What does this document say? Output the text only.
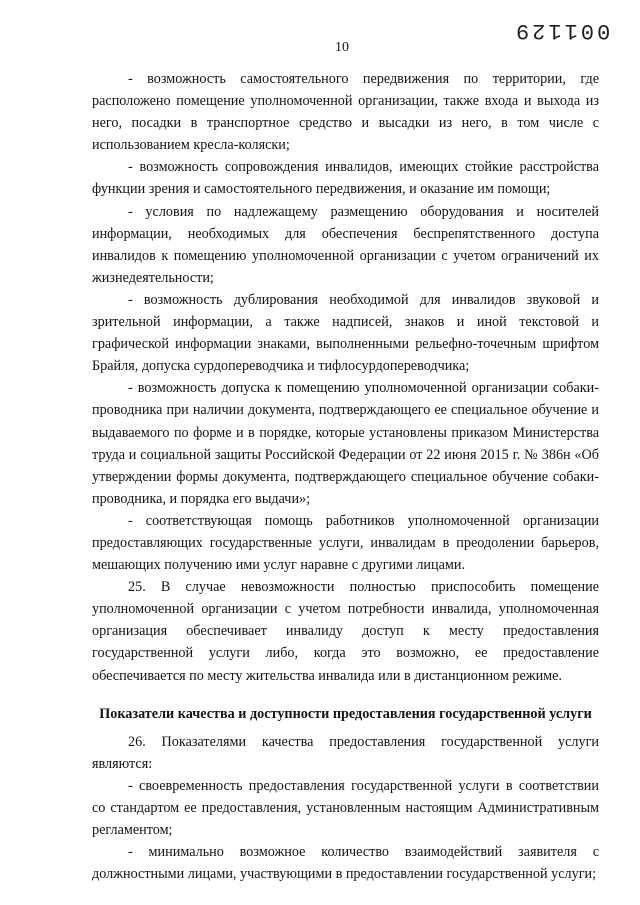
10
001129

- возможность самостоятельного передвижения по территории, где расположено помещение уполномоченной организации, также входа и выхода из него, посадки в транспортное средство и высадки из него, в том числе с использованием кресла-коляски;

- возможность сопровождения инвалидов, имеющих стойкие расстройства функции зрения и самостоятельного передвижения, и оказание им помощи;

- условия по надлежащему размещению оборудования и носителей информации, необходимых для обеспечения беспрепятственного доступа инвалидов к помещению уполномоченной организации с учетом ограничений их жизнедеятельности;

- возможность дублирования необходимой для инвалидов звуковой и зрительной информации, а также надписей, знаков и иной текстовой и графической информации знаками, выполненными рельефно-точечным шрифтом Брайля, допуска сурдопереводчика и тифлосурдопереводчика;

- возможность допуска к помещению уполномоченной организации собаки-проводника при наличии документа, подтверждающего ее специальное обучение и выдаваемого по форме и в порядке, которые установлены приказом Министерства труда и социальной защиты Российской Федерации от 22 июня 2015 г. № 386н «Об утверждении формы документа, подтверждающего специальное обучение собаки-проводника, и порядка его выдачи»;

- соответствующая помощь работников уполномоченной организации предоставляющих государственные услуги, инвалидам в преодолении барьеров, мешающих получению ими услуг наравне с другими лицами.

25. В случае невозможности полностью приспособить помещение уполномоченной организации с учетом потребности инвалида, уполномоченная организация обеспечивает инвалиду доступ к месту предоставления государственной услуги либо, когда это возможно, ее предоставление обеспечивается по месту жительства инвалида или в дистанционном режиме.

Показатели качества и доступности предоставления государственной услуги

26. Показателями качества предоставления государственной услуги являются:

- своевременность предоставления государственной услуги в соответствии со стандартом ее предоставления, установленным настоящим Административным регламентом;

- минимально возможное количество взаимодействий заявителя с должностными лицами, участвующими в предоставлении государственной услуги;
